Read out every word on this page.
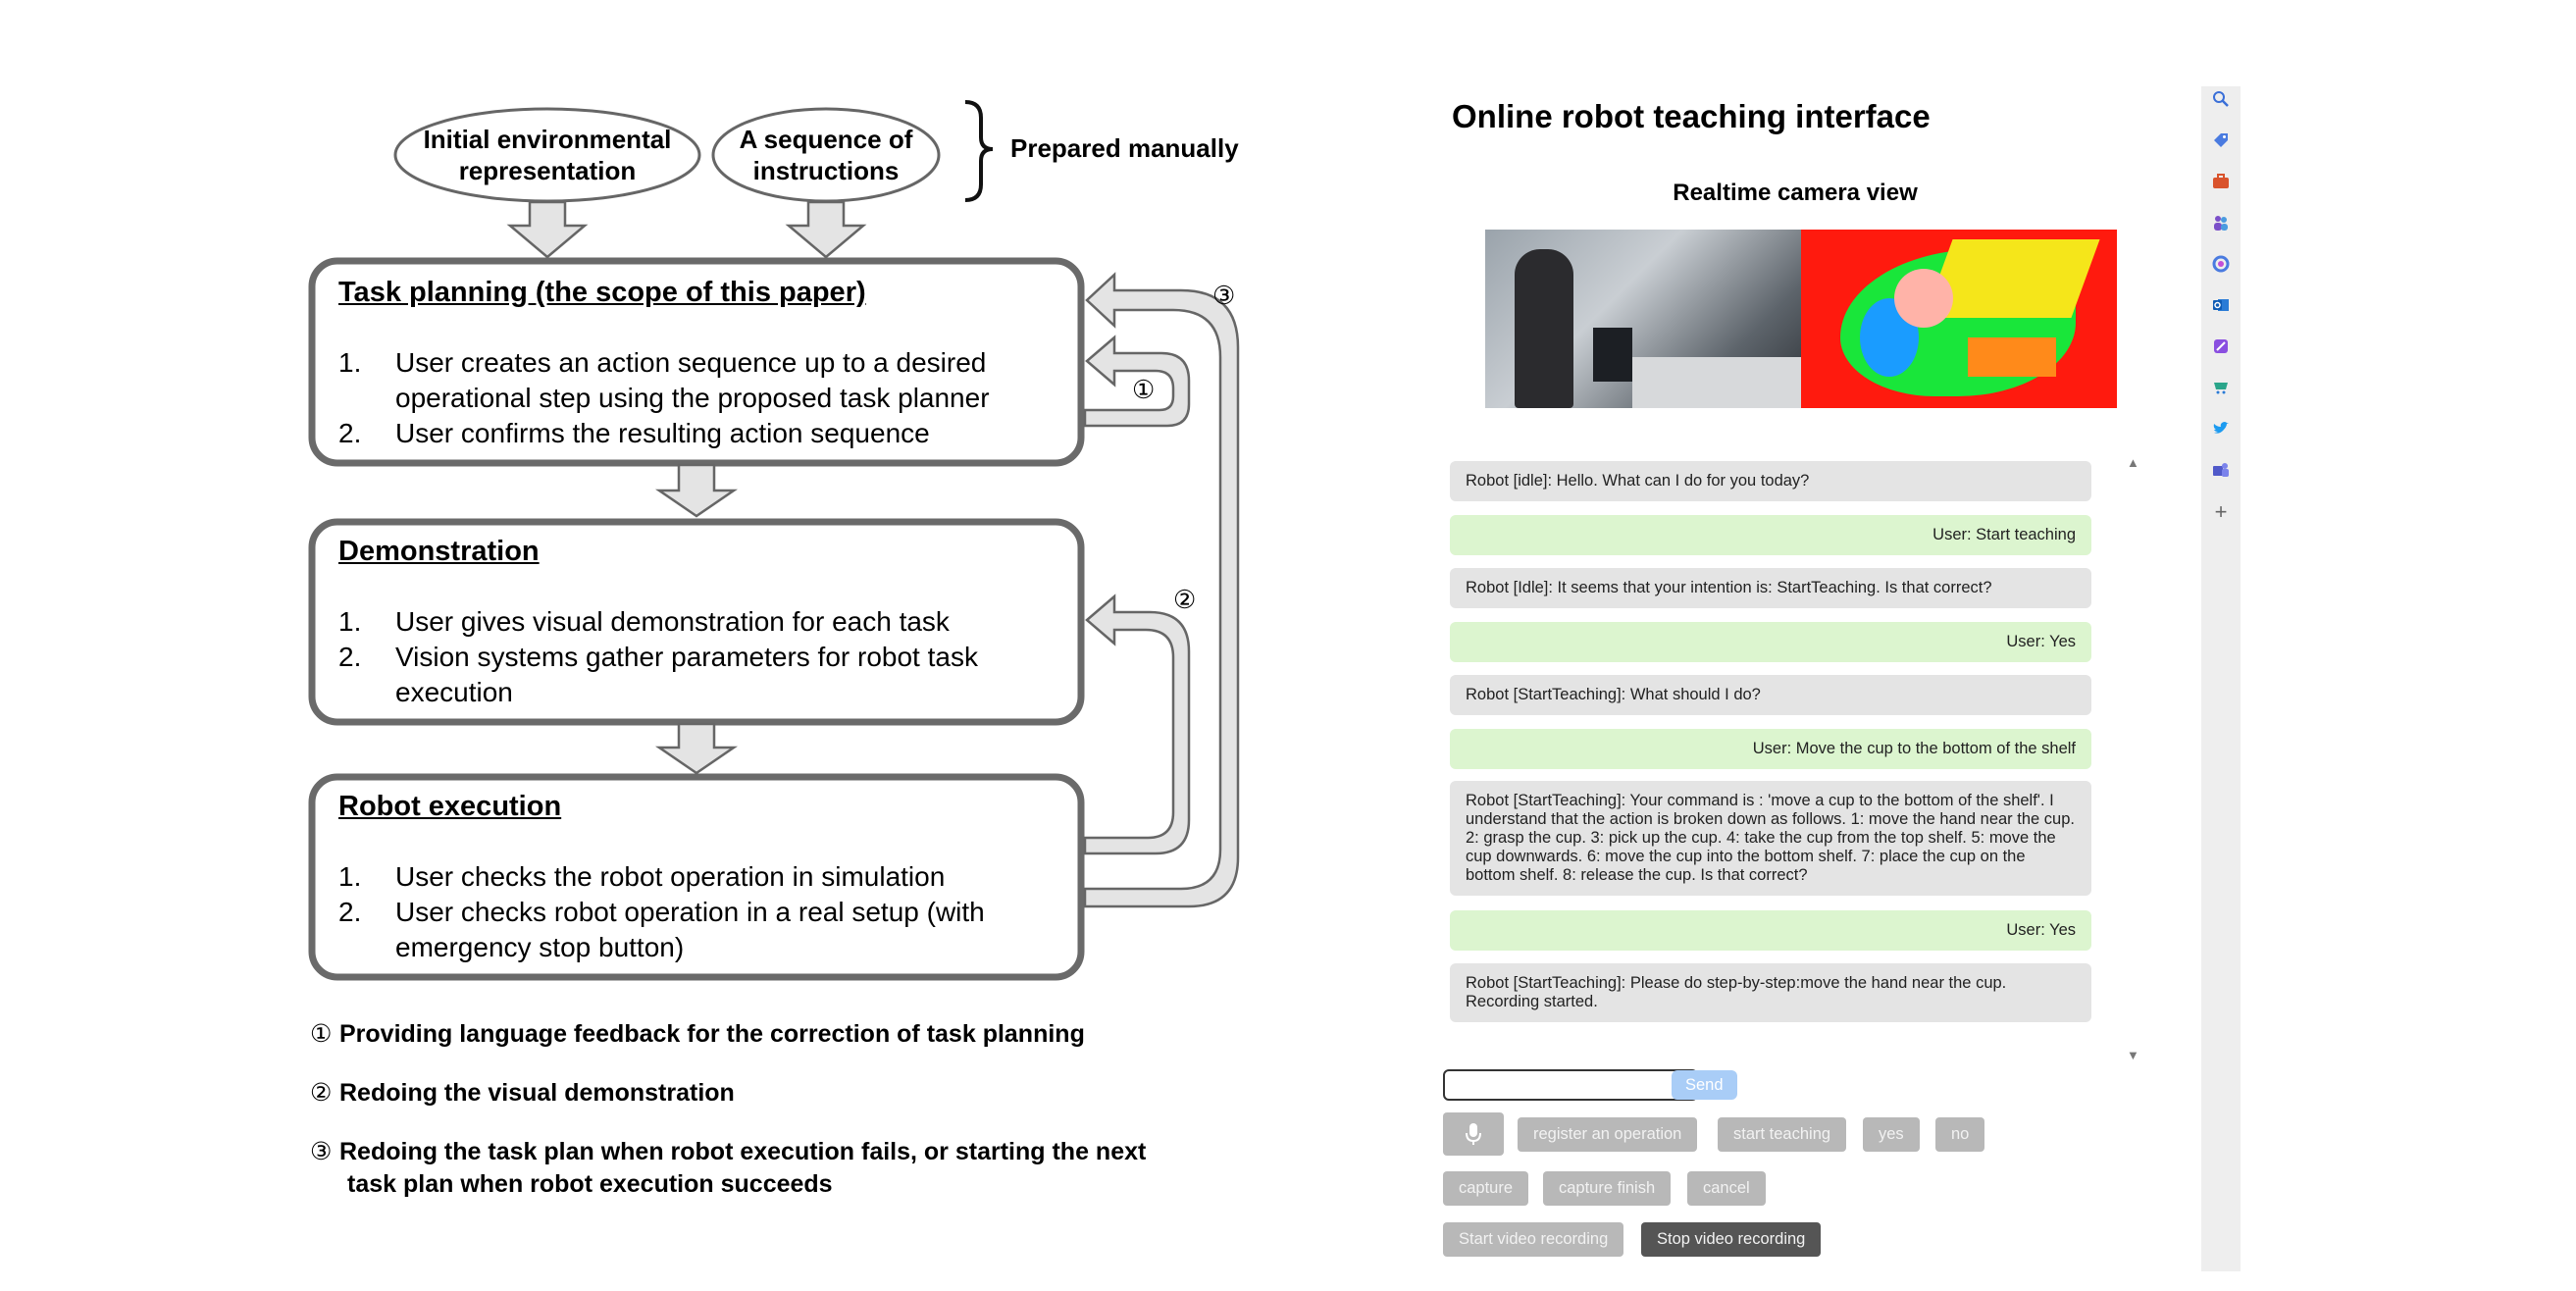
Initial environmental
representation
A sequence of
instructions
Prepared manually
Task planning (the scope of this paper)
1. User creates an action sequence up to a desired operational step using the proposed task planner
2. User confirms the resulting action sequence
Demonstration
1. User gives visual demonstration for each task
2. Vision systems gather parameters for robot task execution
Robot execution
1. User checks the robot operation in simulation
2. User checks robot operation in a real setup (with emergency stop button)
①
②
③
① Providing language feedback for the correction of task planning
② Redoing the visual demonstration
③ Redoing the task plan when robot execution fails, or starting the next
task plan when robot execution succeeds
Online robot teaching interface
Realtime camera view
Robot [idle]: Hello. What can I do for you today?
User: Start teaching
Robot [Idle]: It seems that your intention is: StartTeaching. Is that correct?
User: Yes
Robot [StartTeaching]: What should I do?
User: Move the cup to the bottom of the shelf
Robot [StartTeaching]: Your command is : 'move a cup to the bottom of the shelf'. I understand that the action is broken down as follows. 1: move the hand near the cup. 2: grasp the cup. 3: pick up the cup. 4: take the cup from the top shelf. 5: move the cup downwards. 6: move the cup into the bottom shelf. 7: place the cup on the bottom shelf. 8: release the cup. Is that correct?
User: Yes
Robot [StartTeaching]: Please do step-by-step:move the hand near the cup. Recording started.
▲
▼
Send
register an operation	start teaching	yes	no
capture	capture finish	cancel
Start video recording	Stop video recording
+
